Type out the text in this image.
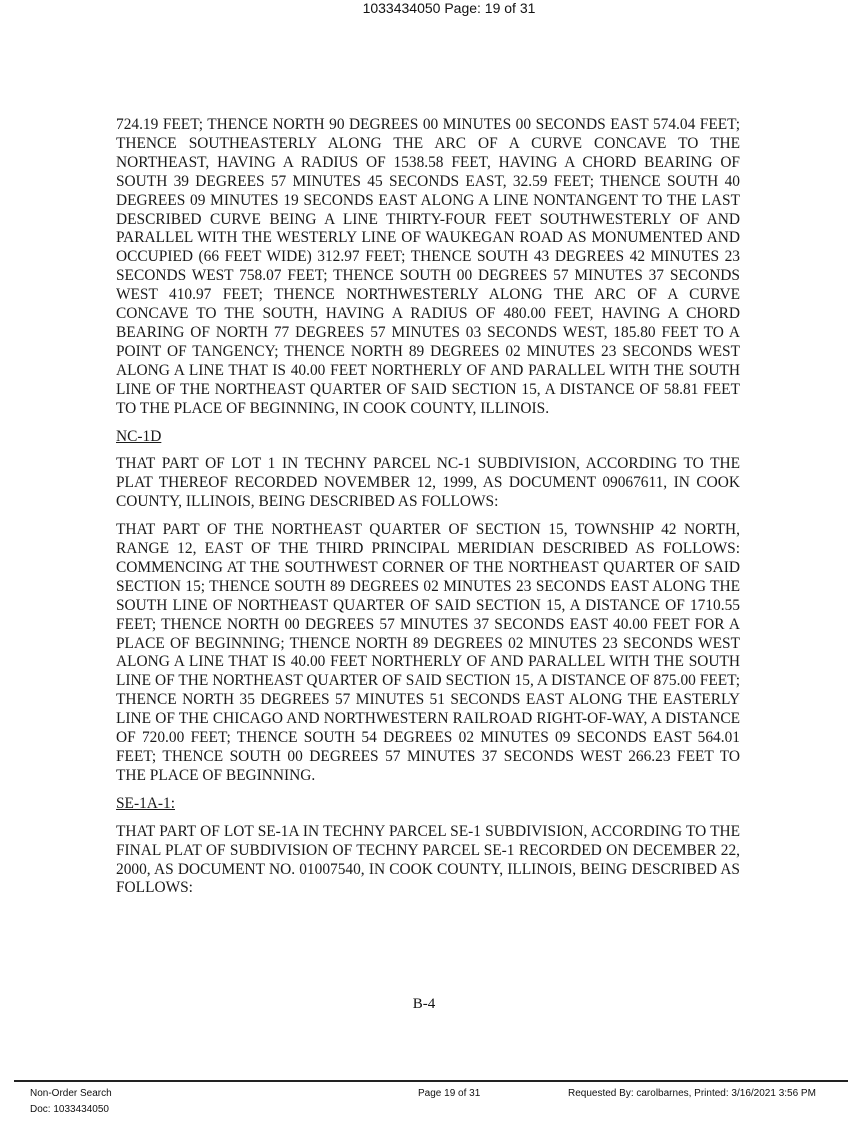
1033434050 Page: 19 of 31

724.19 FEET; THENCE NORTH 90 DEGREES 00 MINUTES 00 SECONDS EAST 574.04 FEET; THENCE SOUTHEASTERLY ALONG THE ARC OF A CURVE CONCAVE TO THE NORTHEAST, HAVING A RADIUS OF 1538.58 FEET, HAVING A CHORD BEARING OF SOUTH 39 DEGREES 57 MINUTES 45 SECONDS EAST, 32.59 FEET; THENCE SOUTH 40 DEGREES 09 MINUTES 19 SECONDS EAST ALONG A LINE NONTANGENT TO THE LAST DESCRIBED CURVE BEING A LINE THIRTY-FOUR FEET SOUTHWESTERLY OF AND PARALLEL WITH THE WESTERLY LINE OF WAUKEGAN ROAD AS MONUMENTED AND OCCUPIED (66 FEET WIDE) 312.97 FEET; THENCE SOUTH 43 DEGREES 42 MINUTES 23 SECONDS WEST 758.07 FEET; THENCE SOUTH 00 DEGREES 57 MINUTES 37 SECONDS WEST 410.97 FEET; THENCE NORTHWESTERLY ALONG THE ARC OF A CURVE CONCAVE TO THE SOUTH, HAVING A RADIUS OF 480.00 FEET, HAVING A CHORD BEARING OF NORTH 77 DEGREES 57 MINUTES 03 SECONDS WEST, 185.80 FEET TO A POINT OF TANGENCY; THENCE NORTH 89 DEGREES 02 MINUTES 23 SECONDS WEST ALONG A LINE THAT IS 40.00 FEET NORTHERLY OF AND PARALLEL WITH THE SOUTH LINE OF THE NORTHEAST QUARTER OF SAID SECTION 15, A DISTANCE OF 58.81 FEET TO THE PLACE OF BEGINNING, IN COOK COUNTY, ILLINOIS.

NC-1D

THAT PART OF LOT 1 IN TECHNY PARCEL NC-1 SUBDIVISION, ACCORDING TO THE PLAT THEREOF RECORDED NOVEMBER 12, 1999, AS DOCUMENT 09067611, IN COOK COUNTY, ILLINOIS, BEING DESCRIBED AS FOLLOWS:

THAT PART OF THE NORTHEAST QUARTER OF SECTION 15, TOWNSHIP 42 NORTH, RANGE 12, EAST OF THE THIRD PRINCIPAL MERIDIAN DESCRIBED AS FOLLOWS: COMMENCING AT THE SOUTHWEST CORNER OF THE NORTHEAST QUARTER OF SAID SECTION 15; THENCE SOUTH 89 DEGREES 02 MINUTES 23 SECONDS EAST ALONG THE SOUTH LINE OF NORTHEAST QUARTER OF SAID SECTION 15, A DISTANCE OF 1710.55 FEET; THENCE NORTH 00 DEGREES 57 MINUTES 37 SECONDS EAST 40.00 FEET FOR A PLACE OF BEGINNING; THENCE NORTH 89 DEGREES 02 MINUTES 23 SECONDS WEST ALONG A LINE THAT IS 40.00 FEET NORTHERLY OF AND PARALLEL WITH THE SOUTH LINE OF THE NORTHEAST QUARTER OF SAID SECTION 15, A DISTANCE OF 875.00 FEET; THENCE NORTH 35 DEGREES 57 MINUTES 51 SECONDS EAST ALONG THE EASTERLY LINE OF THE CHICAGO AND NORTHWESTERN RAILROAD RIGHT-OF-WAY, A DISTANCE OF 720.00 FEET; THENCE SOUTH 54 DEGREES 02 MINUTES 09 SECONDS EAST 564.01 FEET; THENCE SOUTH 00 DEGREES 57 MINUTES 37 SECONDS WEST 266.23 FEET TO THE PLACE OF BEGINNING.

SE-1A-1:

THAT PART OF LOT SE-1A IN TECHNY PARCEL SE-1 SUBDIVISION, ACCORDING TO THE FINAL PLAT OF SUBDIVISION OF TECHNY PARCEL SE-1 RECORDED ON DECEMBER 22, 2000, AS DOCUMENT NO. 01007540, IN COOK COUNTY, ILLINOIS, BEING DESCRIBED AS FOLLOWS:

B-4
Non-Order Search
Doc: 1033434050
Page 19 of 31	Requested By: carolbarnes, Printed: 3/16/2021 3:56 PM
